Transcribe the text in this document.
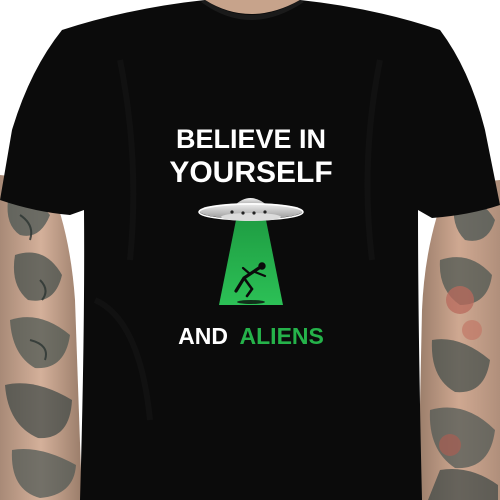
BELIEVE IN
YOURSELF
AND ALIENS
